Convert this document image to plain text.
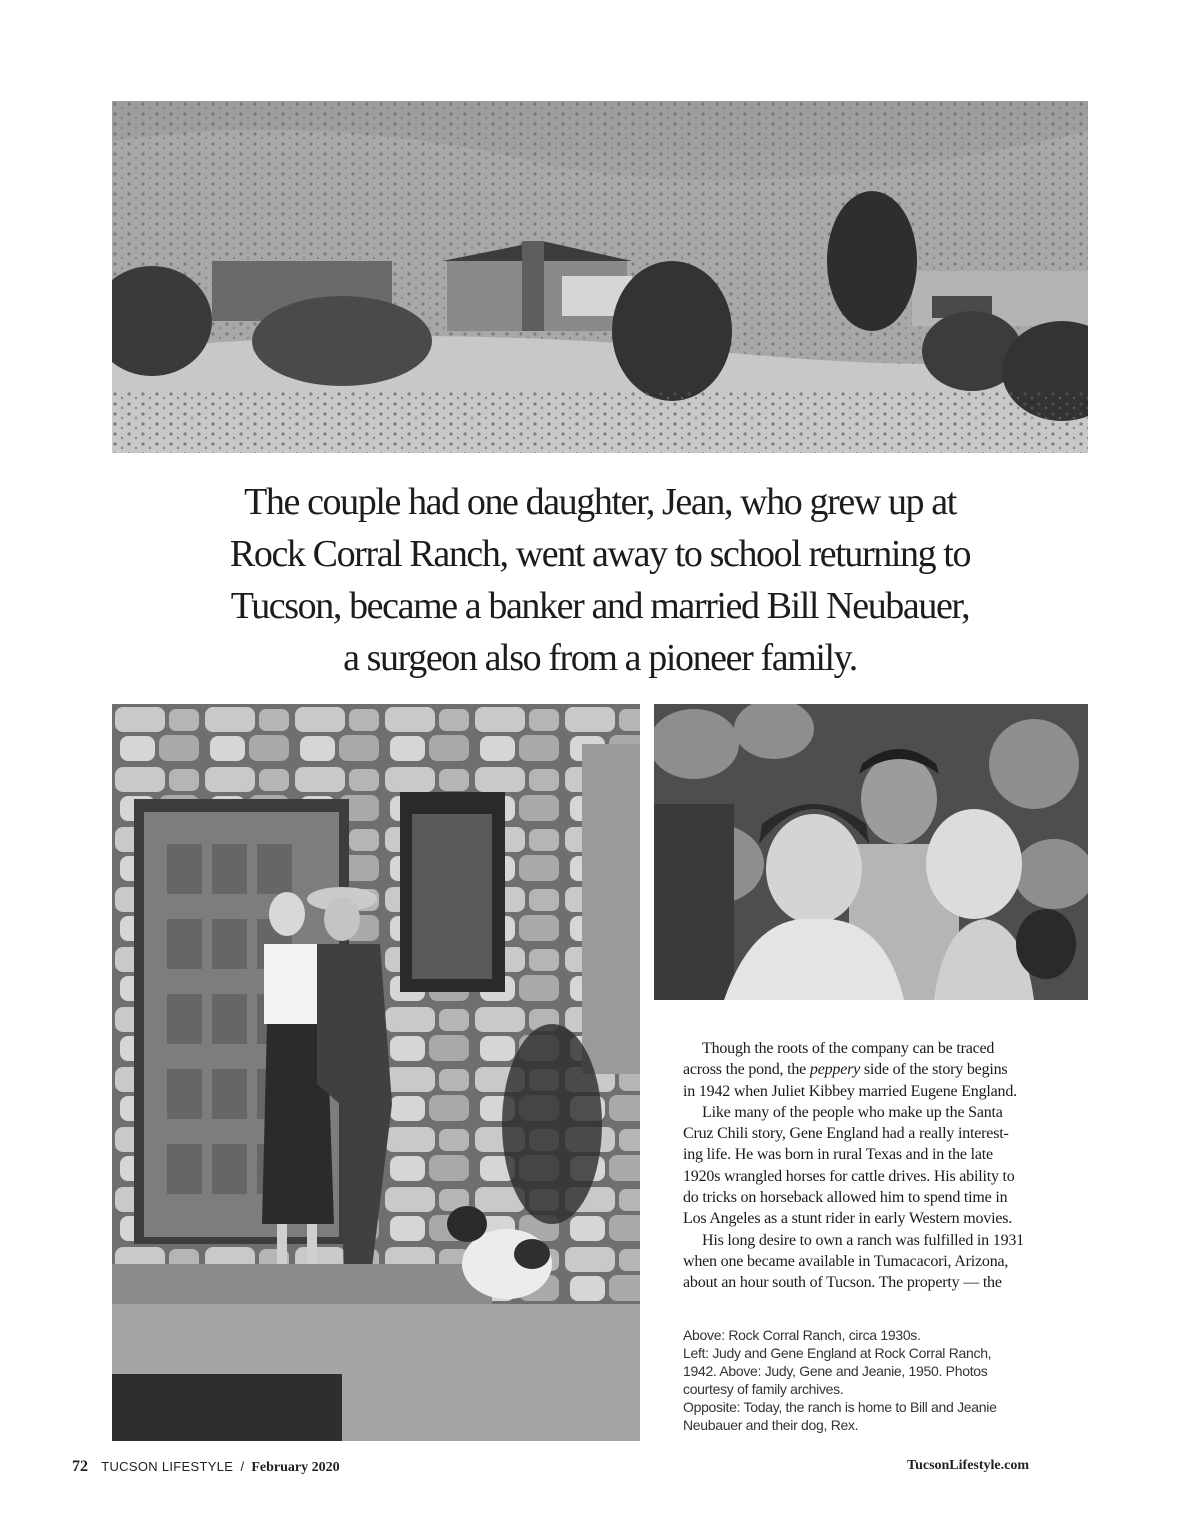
The couple had one daughter, Jean, who grew up at
Rock Corral Ranch, went away to school returning to
Tucson, became a banker and married Bill Neubauer,
a surgeon also from a pioneer family.
Though the roots of the company can be traced
across the pond, the peppery side of the story begins
in 1942 when Juliet Kibbey married Eugene England.
Like many of the people who make up the Santa
Cruz Chili story, Gene England had a really interest-
ing life. He was born in rural Texas and in the late
1920s wrangled horses for cattle drives. His ability to
do tricks on horseback allowed him to spend time in
Los Angeles as a stunt rider in early Western movies.
His long desire to own a ranch was fulfilled in 1931
when one became available in Tumacacori, Arizona,
about an hour south of Tucson. The property — the
Above: Rock Corral Ranch, circa 1930s.
Left: Judy and Gene England at Rock Corral Ranch,
1942. Above: Judy, Gene and Jeanie, 1950. Photos
courtesy of family archives.
Opposite: Today, the ranch is home to Bill and Jeanie
Neubauer and their dog, Rex.
72 TUCSON LIFESTYLE / February 2020	TucsonLifestyle.com
